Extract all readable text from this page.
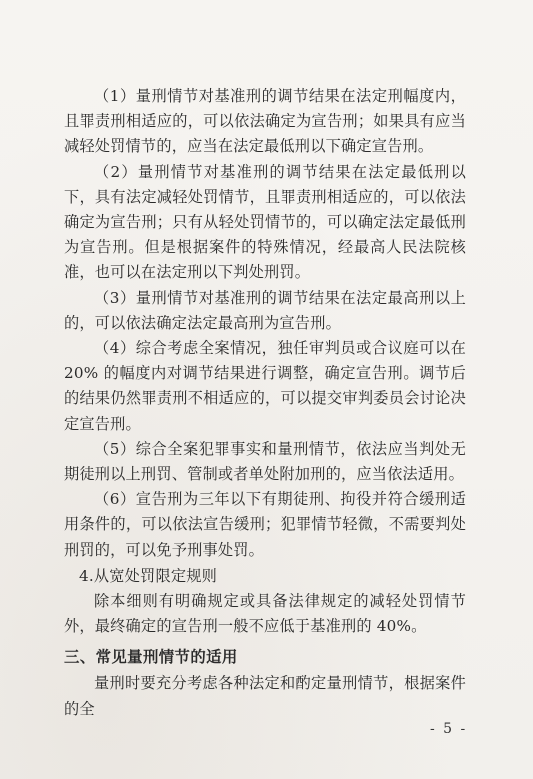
（1）量刑情节对基准刑的调节结果在法定刑幅度内，且罪责刑相适应的，可以依法确定为宣告刑；如果具有应当减轻处罚情节的，应当在法定最低刑以下确定宣告刑。

（2）量刑情节对基准刑的调节结果在法定最低刑以下，具有法定减轻处罚情节，且罪责刑相适应的，可以依法确定为宣告刑；只有从轻处罚情节的，可以确定法定最低刑为宣告刑。但是根据案件的特殊情况，经最高人民法院核准，也可以在法定刑以下判处刑罚。

（3）量刑情节对基准刑的调节结果在法定最高刑以上的，可以依法确定法定最高刑为宣告刑。

（4）综合考虑全案情况，独任审判员或合议庭可以在 20% 的幅度内对调节结果进行调整，确定宣告刑。调节后的结果仍然罪责刑不相适应的，可以提交审判委员会讨论决定宣告刑。

（5）综合全案犯罪事实和量刑情节，依法应当判处无期徒刑以上刑罚、管制或者单处附加刑的，应当依法适用。

（6）宣告刑为三年以下有期徒刑、拘役并符合缓刑适用条件的，可以依法宣告缓刑；犯罪情节轻微，不需要判处刑罚的，可以免予刑事处罚。

4.从宽处罚限定规则

除本细则有明确规定或具备法律规定的减轻处罚情节外，最终确定的宣告刑一般不应低于基准刑的 40%。

三、常见量刑情节的适用

量刑时要充分考虑各种法定和酌定量刑情节，根据案件的全

- 5 -
